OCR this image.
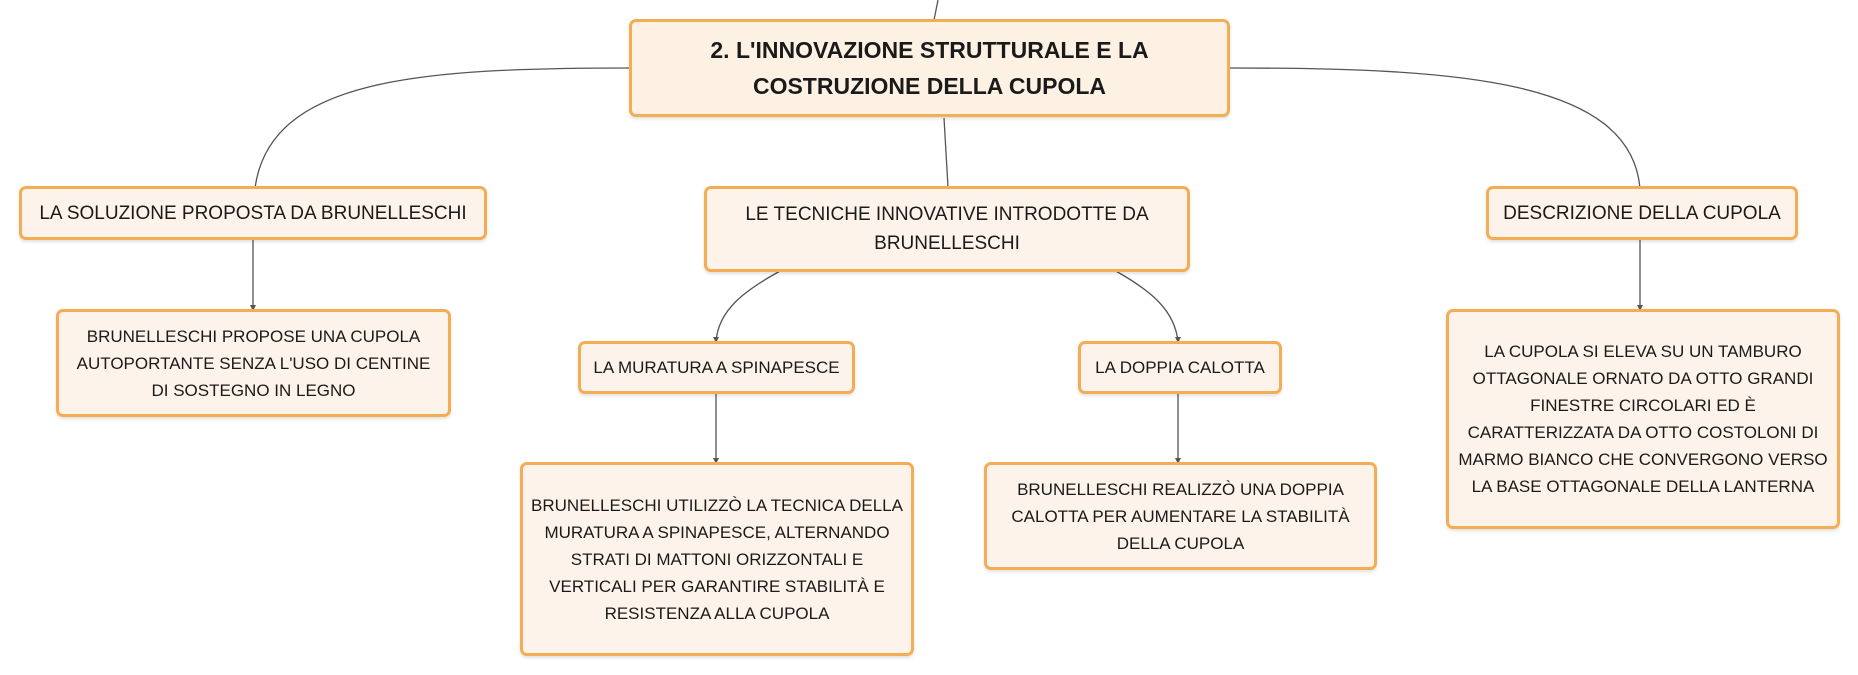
2. L'INNOVAZIONE STRUTTURALE E LA
COSTRUZIONE DELLA CUPOLA
LA SOLUZIONE PROPOSTA DA BRUNELLESCHI	LE TECNICHE INNOVATIVE INTRODOTTE DA BRUNELLESCHI
DESCRIZIONE DELLA CUPOLA
LA MURATURA A SPINAPESCE	LA DOPPIA CALOTTA
BRUNELLESCHI PROPOSE UNA CUPOLA AUTOPORTANTE SENZA L'USO DI CENTINE DI SOSTEGNO IN LEGNO
BRUNELLESCHI UTILIZZÒ LA TECNICA DELLA MURATURA A SPINAPESCE, ALTERNANDO STRATI DI MATTONI ORIZZONTALI E VERTICALI PER GARANTIRE STABILITÀ E RESISTENZA ALLA CUPOLA
BRUNELLESCHI REALIZZÒ UNA DOPPIA CALOTTA PER AUMENTARE LA STABILITÀ DELLA CUPOLA
LA CUPOLA SI ELEVA SU UN TAMBURO OTTAGONALE ORNATO DA OTTO GRANDI FINESTRE CIRCOLARI ED È CARATTERIZZATA DA OTTO COSTOLONI DI MARMO BIANCO CHE CONVERGONO VERSO LA BASE OTTAGONALE DELLA LANTERNA
